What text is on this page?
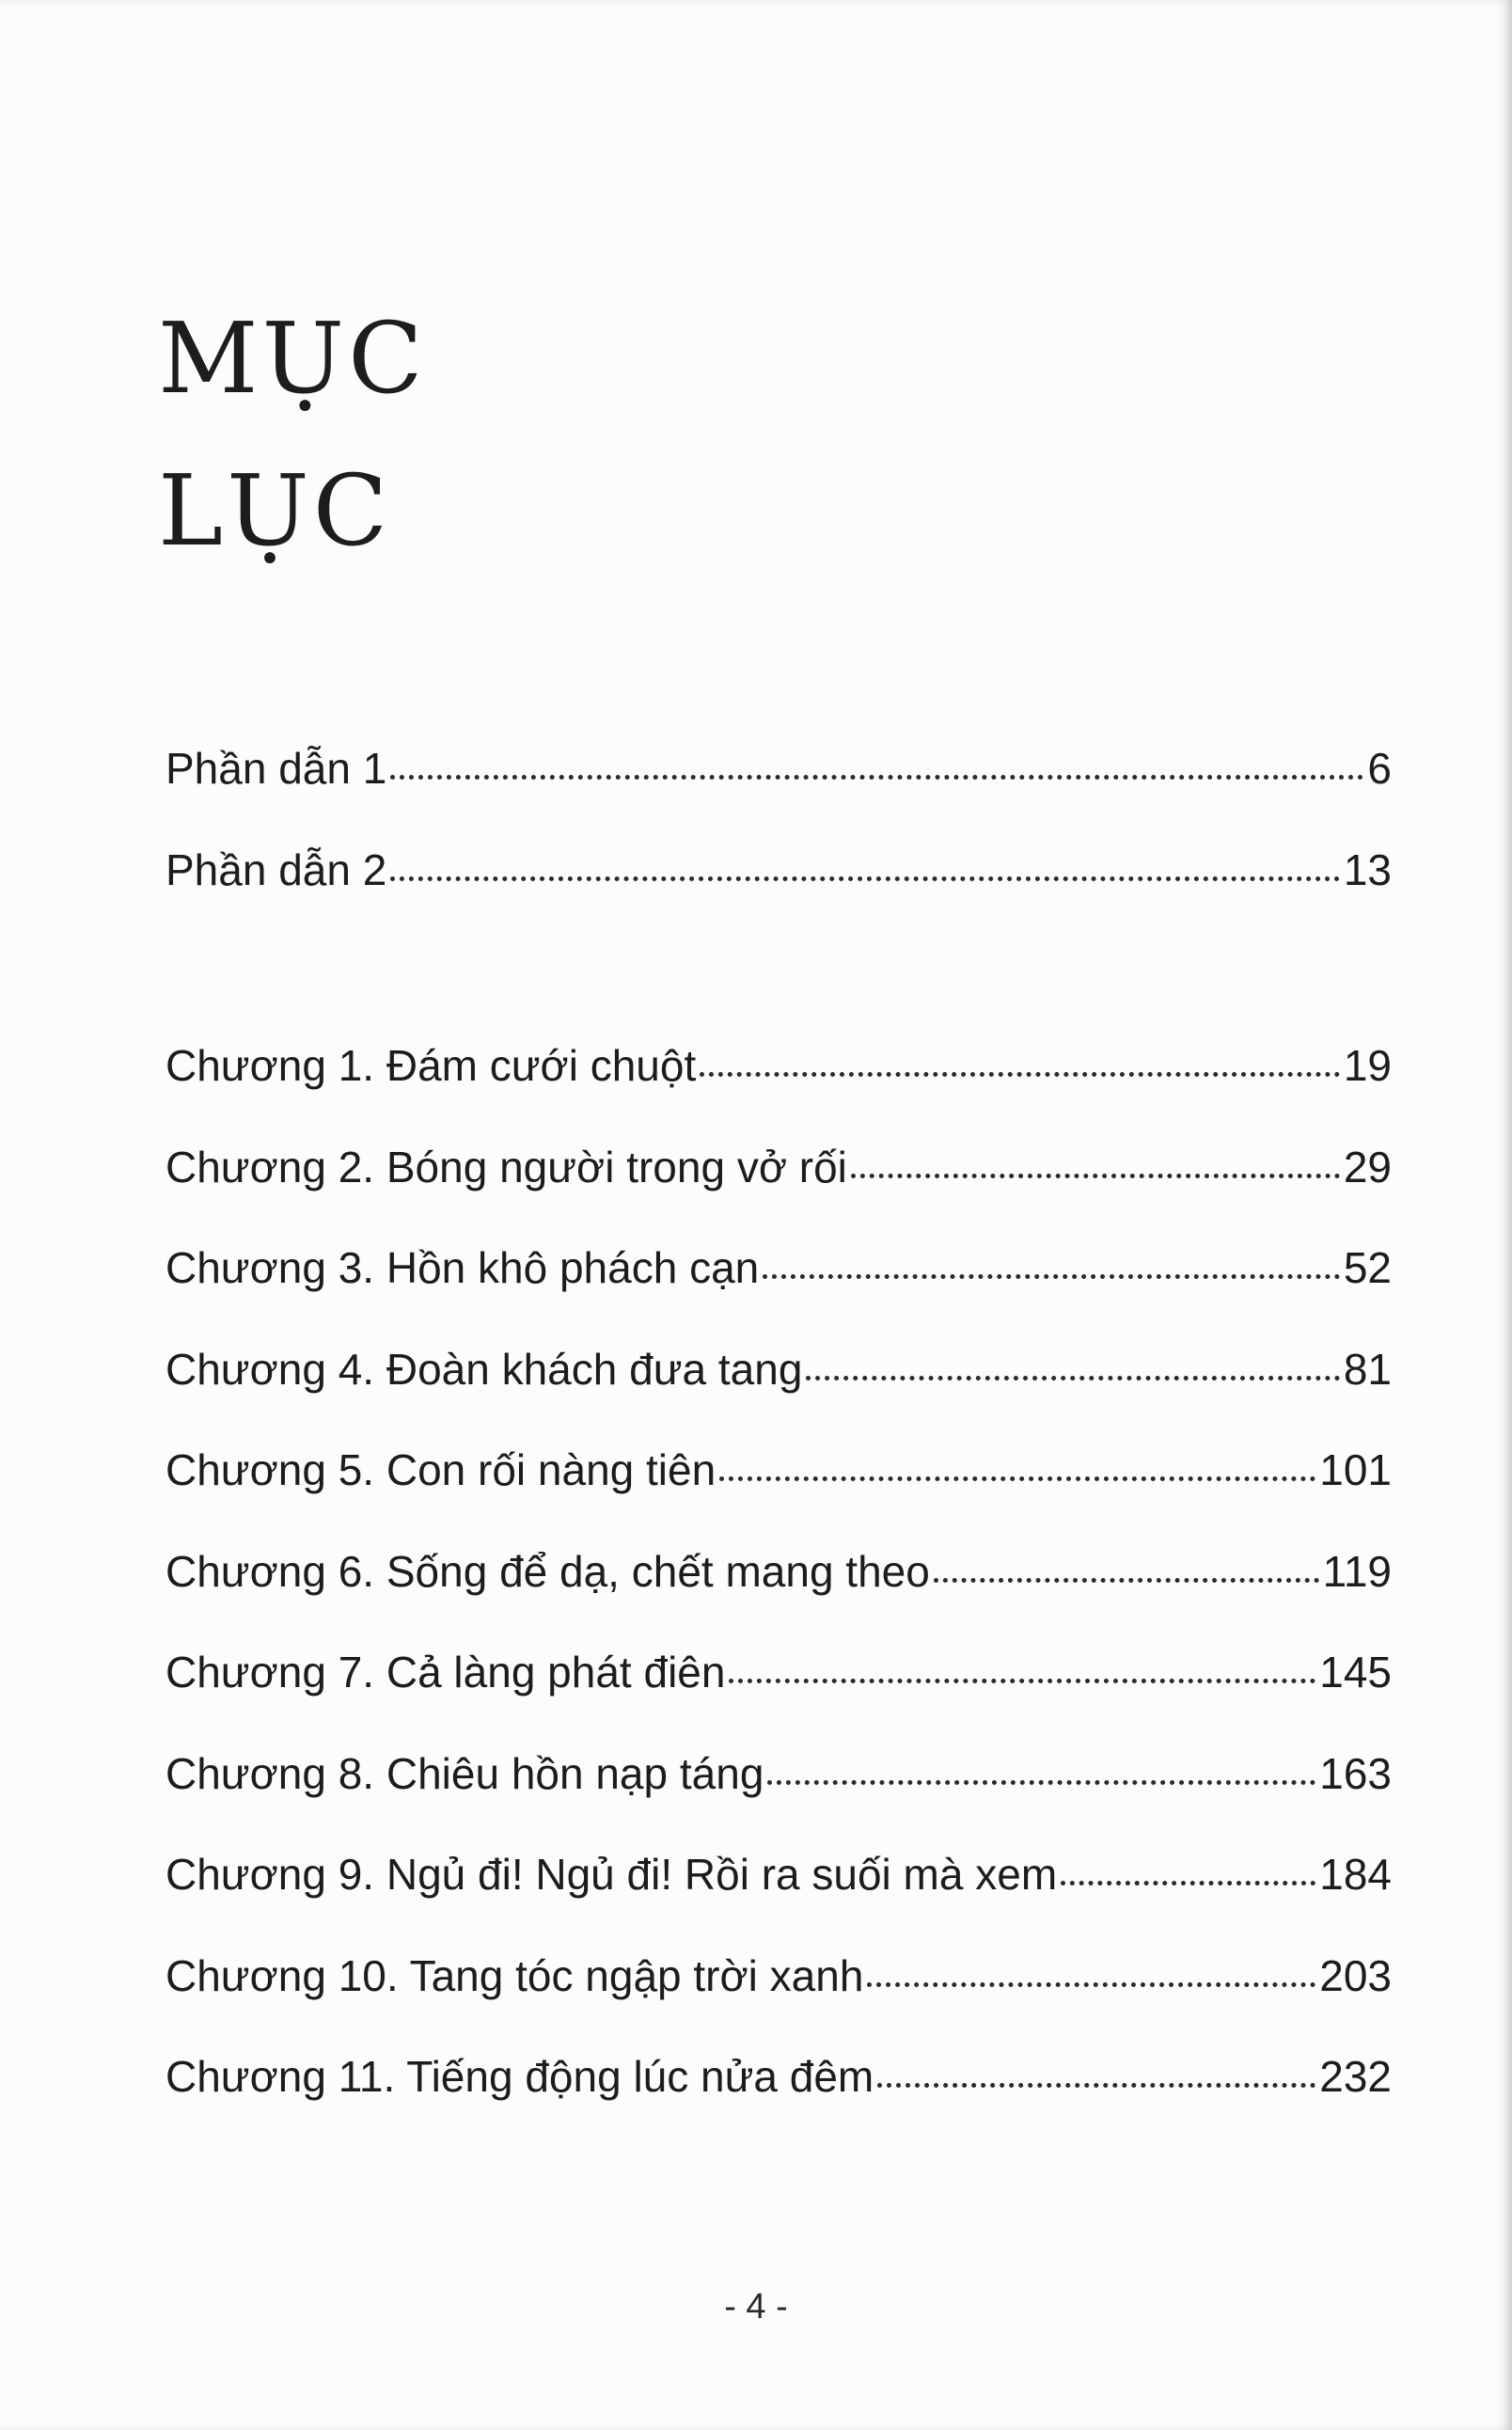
MỤC
LỤC
Phần dẫn 1	6
Phần dẫn 2	13
Chương 1. Đám cưới chuột	19
Chương 2. Bóng người trong vở rối	29
Chương 3. Hồn khô phách cạn	52
Chương 4. Đoàn khách đưa tang	81
Chương 5. Con rối nàng tiên	101
Chương 6. Sống để dạ, chết mang theo	119
Chương 7. Cả làng phát điên	145
Chương 8. Chiêu hồn nạp táng	163
Chương 9. Ngủ đi! Ngủ đi! Rồi ra suối mà xem	184
Chương 10. Tang tóc ngập trời xanh	203
Chương 11. Tiếng động lúc nửa đêm	232
- 4 -
